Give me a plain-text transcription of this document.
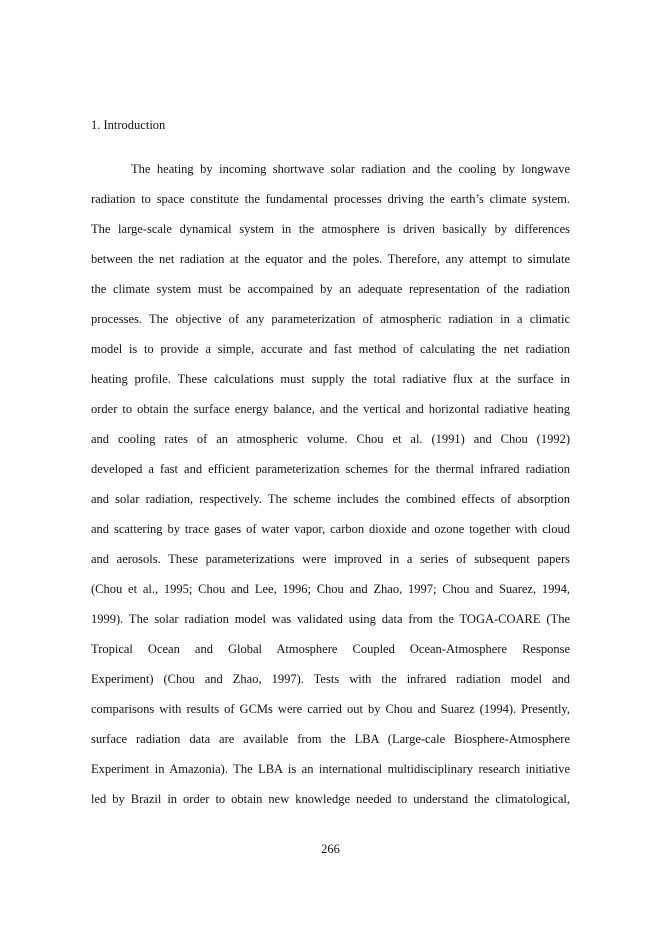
1. Introduction
The heating by incoming shortwave solar radiation and the cooling by longwave
radiation to space constitute the fundamental processes driving the earth’s climate system.
The large-scale dynamical system in the atmosphere is driven basically by differences
between the net radiation at the equator and the poles. Therefore, any attempt to simulate
the climate system must be accompained by an adequate representation of the radiation
processes. The objective of any parameterization of atmospheric radiation in a climatic
model is to provide a simple, accurate and fast method of calculating the net radiation
heating profile. These calculations must supply the total radiative flux at the surface in
order to obtain the surface energy balance, and the vertical and horizontal radiative heating
and cooling rates of an atmospheric volume. Chou et al. (1991) and Chou (1992)
developed a fast and efficient parameterization schemes for the thermal infrared radiation
and solar radiation, respectively. The scheme includes the combined effects of absorption
and scattering by trace gases of water vapor, carbon dioxide and ozone together with cloud
and aerosols. These parameterizations were improved in a series of subsequent papers
(Chou et al., 1995; Chou and Lee, 1996; Chou and Zhao, 1997; Chou and Suarez, 1994,
1999). The solar radiation model was validated using data from the TOGA-COARE (The
Tropical Ocean and Global Atmosphere Coupled Ocean-Atmosphere Response
Experiment) (Chou and Zhao, 1997). Tests with the infrared radiation model and
comparisons with results of GCMs were carried out by Chou and Suarez (1994). Presently,
surface radiation data are available from the LBA (Large-cale Biosphere-Atmosphere
Experiment in Amazonia). The LBA is an international multidisciplinary research initiative
led by Brazil in order to obtain new knowledge needed to understand the climatological,
266
